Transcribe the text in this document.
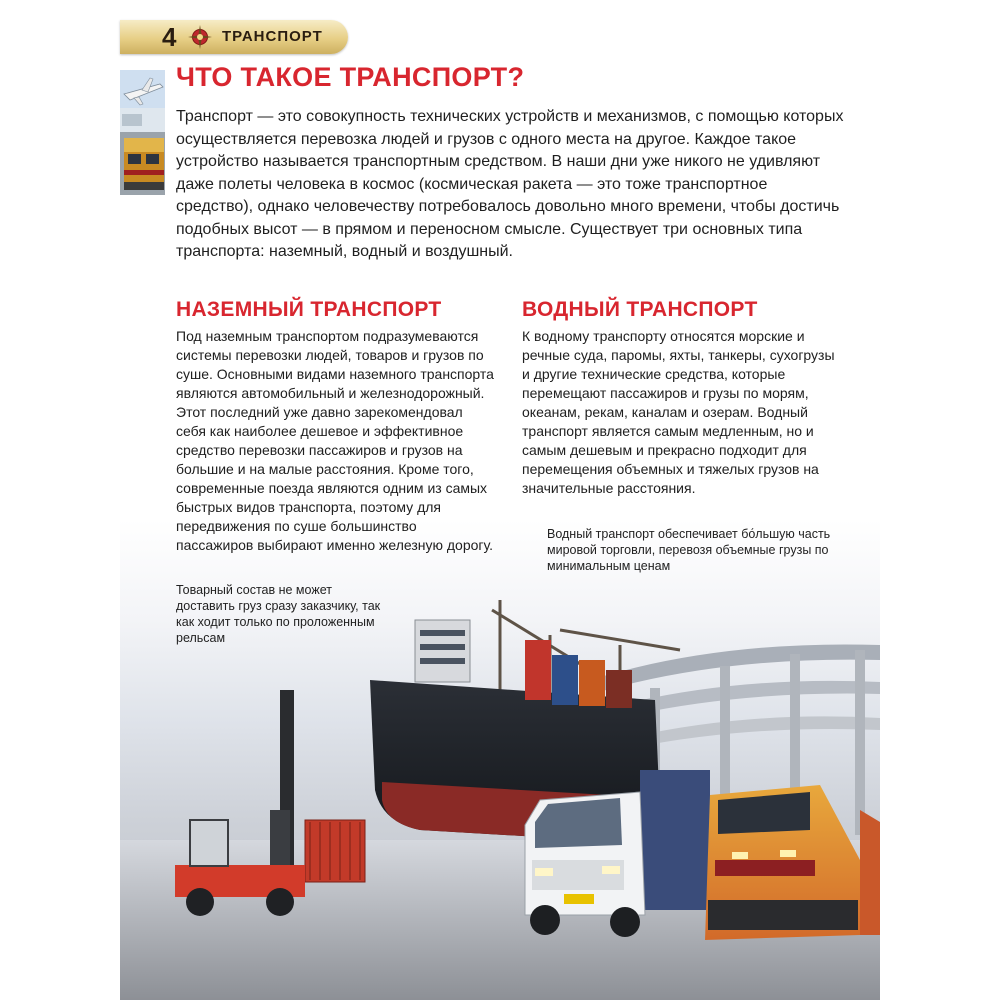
4	ТРАНСПОРТ
ЧТО ТАКОЕ ТРАНСПОРТ?

Транспорт — это совокупность технических устройств и механизмов, с помощью которых осуществляется перевозка людей и грузов с одного места на другое. Каждое такое устройство называется транспортным средством. В наши дни уже никого не удивляют даже полеты человека в космос (космическая ракета — это тоже транспортное средство), однако человечеству потребовалось довольно много времени, чтобы достичь подобных высот — в прямом и переносном смысле. Существует три основных типа транспорта: наземный, водный и воздушный.

НАЗЕМНЫЙ ТРАНСПОРТ

Под наземным транспортом подразумеваются системы перевозки людей, товаров и грузов по суше. Основными видами наземного транспорта являются автомобильный и железнодорожный. Этот последний уже давно зарекомендовал себя как наиболее дешевое и эффективное средство перевозки пассажиров и грузов на большие и на малые расстояния. Кроме того, современные поезда являются одним из самых быстрых видов транспорта, поэтому для передвижения по суше большинство пассажиров выбирают именно железную дорогу.

ВОДНЫЙ ТРАНСПОРТ

К водному транспорту относятся морские и речные суда, паромы, яхты, танкеры, сухогрузы и другие технические средства, которые перемещают пассажиров и грузы по морям, океанам, рекам, каналам и озерам. Водный транспорт является самым медленным, но и самым дешевым и прекрасно подходит для перемещения объемных и тяжелых грузов на значительные расстояния.

Водный транспорт обеспечивает бо́льшую часть мировой торговли, перевозя объемные грузы по минимальным ценам

Товарный состав не может доставить груз сразу заказчику, так как ходит только по проложенным рельсам
